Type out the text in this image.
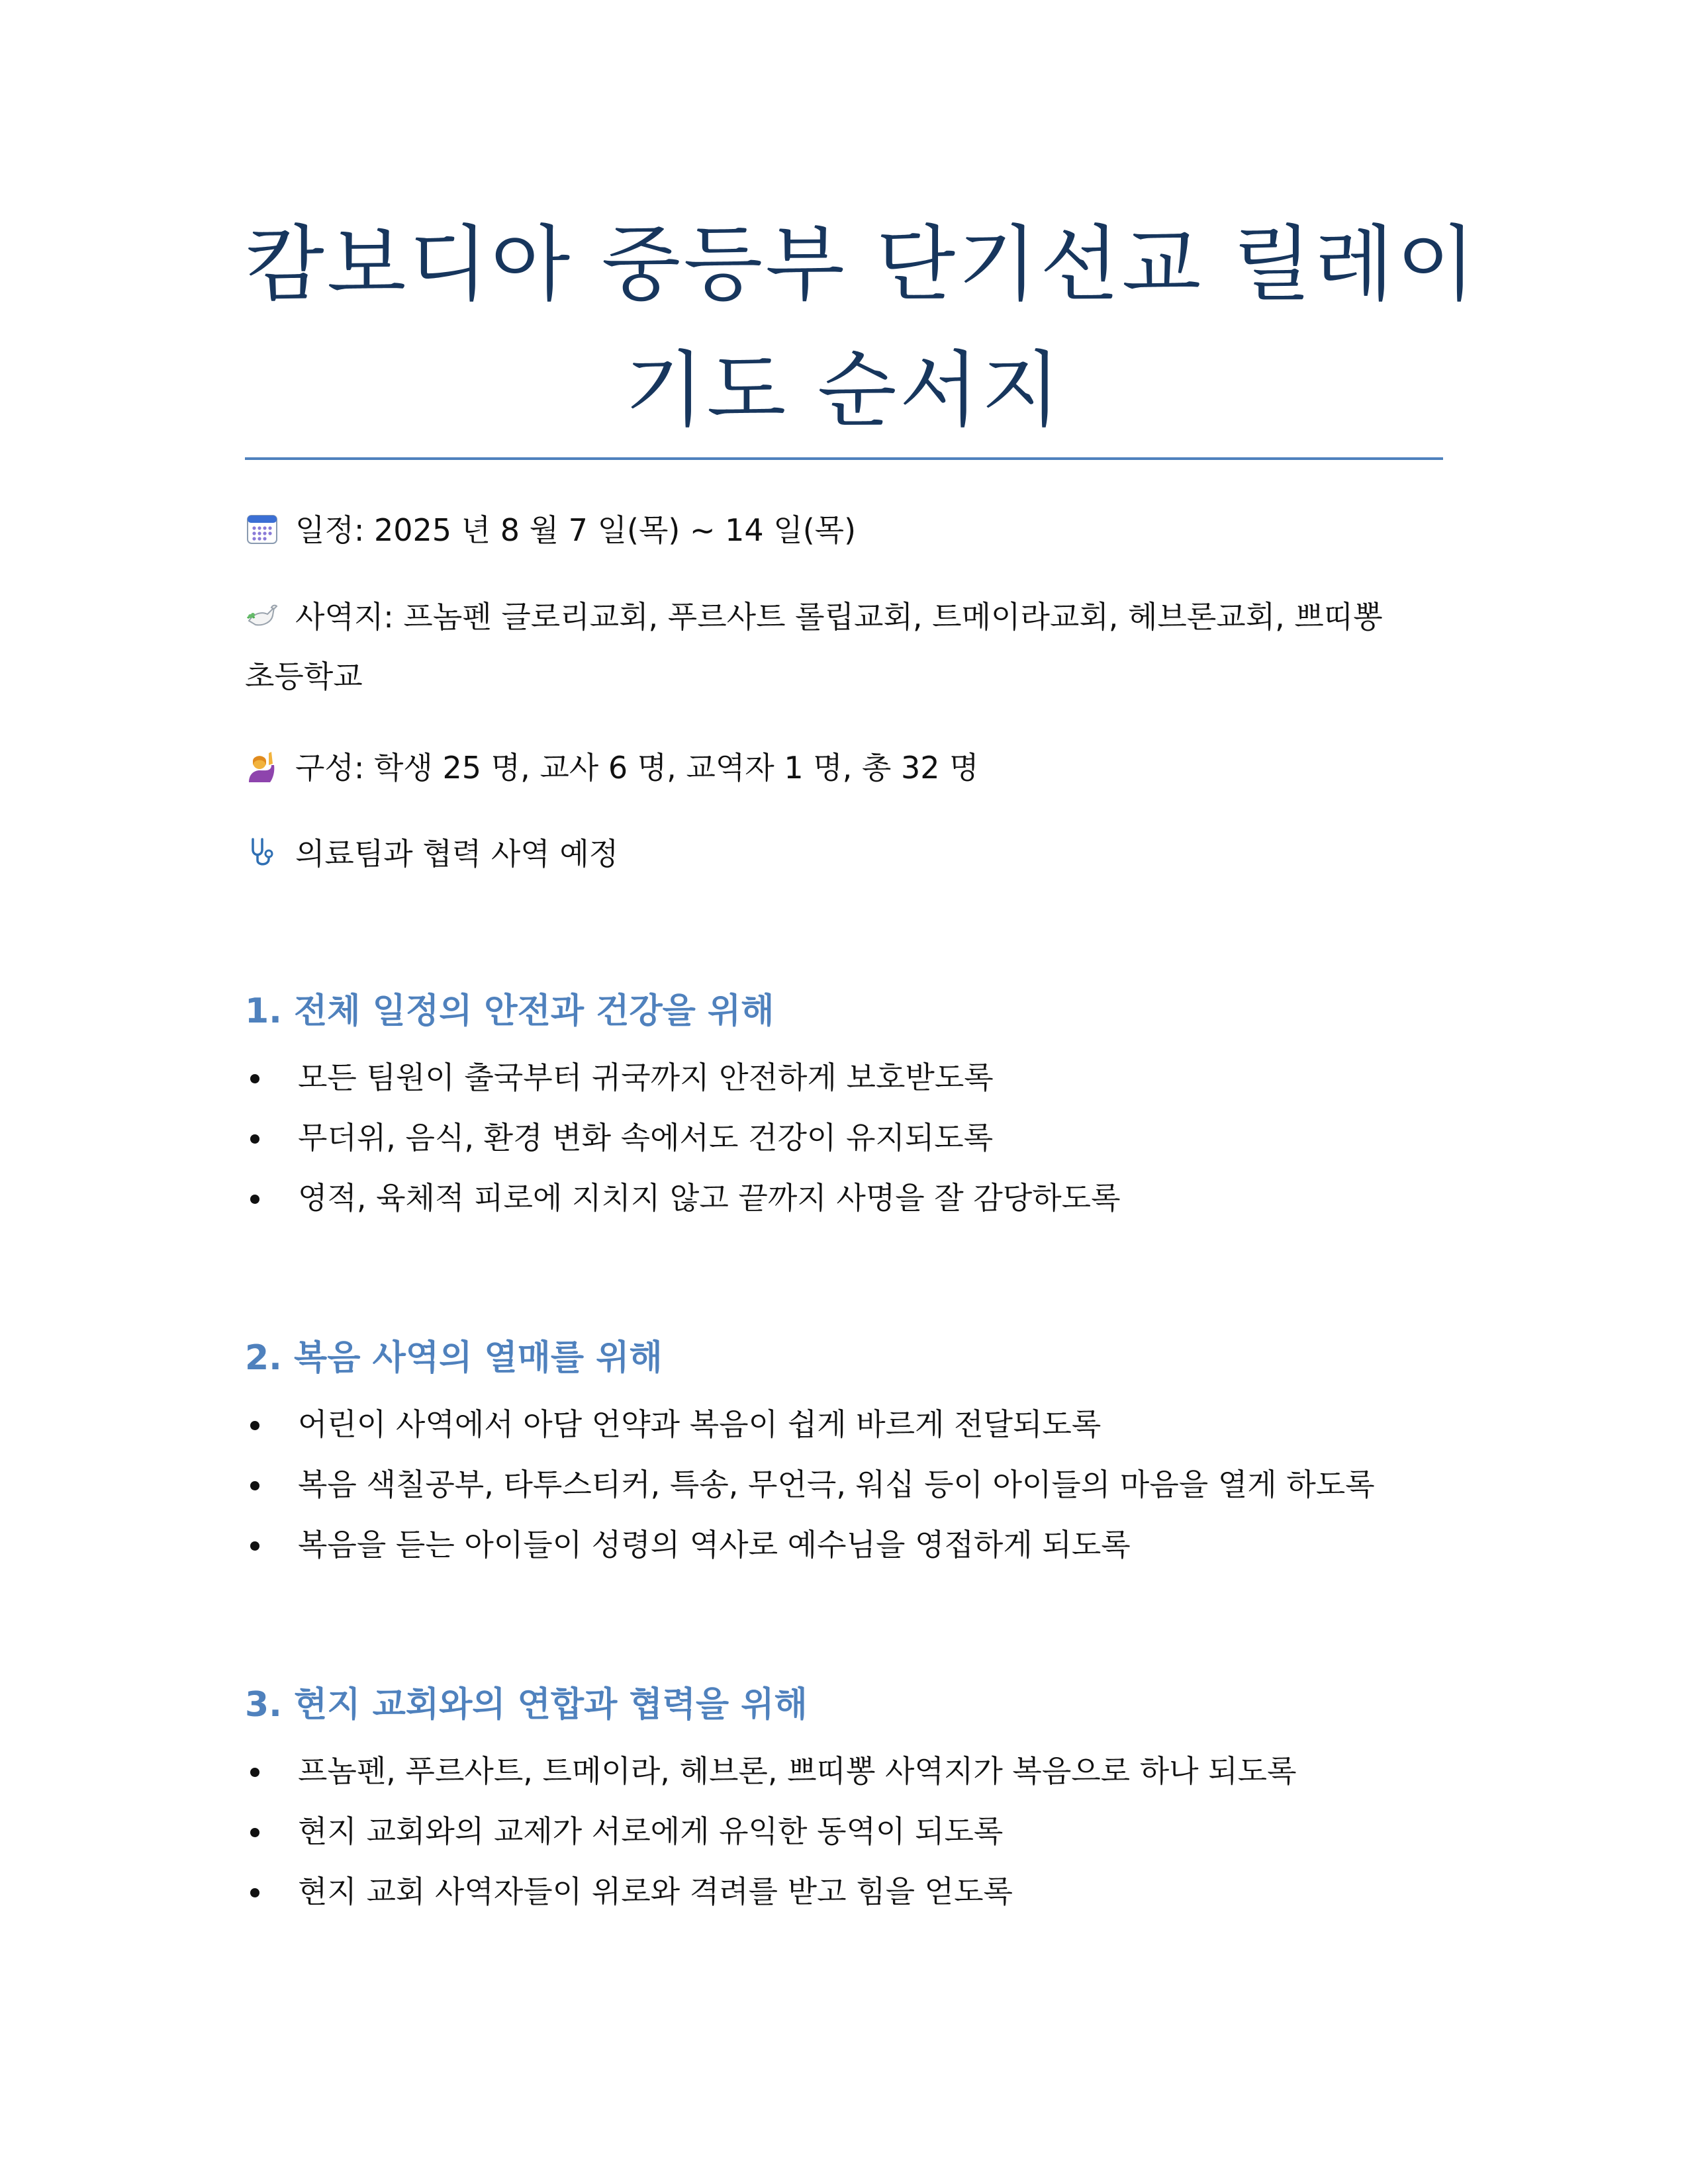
캄보디아 중등부 단기선교 릴레이
기도 순서지
일정: 2025 년 8 월 7 일(목) ~ 14 일(목)
사역지: 프놈펜 글로리교회, 푸르사트 롤립교회, 트메이라교회, 헤브론교회, 쁘띠뽕
초등학교
구성: 학생 25 명, 교사 6 명, 교역자 1 명, 총 32 명
의료팀과 협력 사역 예정
1. 전체 일정의 안전과 건강을 위해
모든 팀원이 출국부터 귀국까지 안전하게 보호받도록
무더위, 음식, 환경 변화 속에서도 건강이 유지되도록
영적, 육체적 피로에 지치지 않고 끝까지 사명을 잘 감당하도록
2. 복음 사역의 열매를 위해
어린이 사역에서 아담 언약과 복음이 쉽게 바르게 전달되도록
복음 색칠공부, 타투스티커, 특송, 무언극, 워십 등이 아이들의 마음을 열게 하도록
복음을 듣는 아이들이 성령의 역사로 예수님을 영접하게 되도록
3. 현지 교회와의 연합과 협력을 위해
프놈펜, 푸르사트, 트메이라, 헤브론, 쁘띠뽕 사역지가 복음으로 하나 되도록
현지 교회와의 교제가 서로에게 유익한 동역이 되도록
현지 교회 사역자들이 위로와 격려를 받고 힘을 얻도록
